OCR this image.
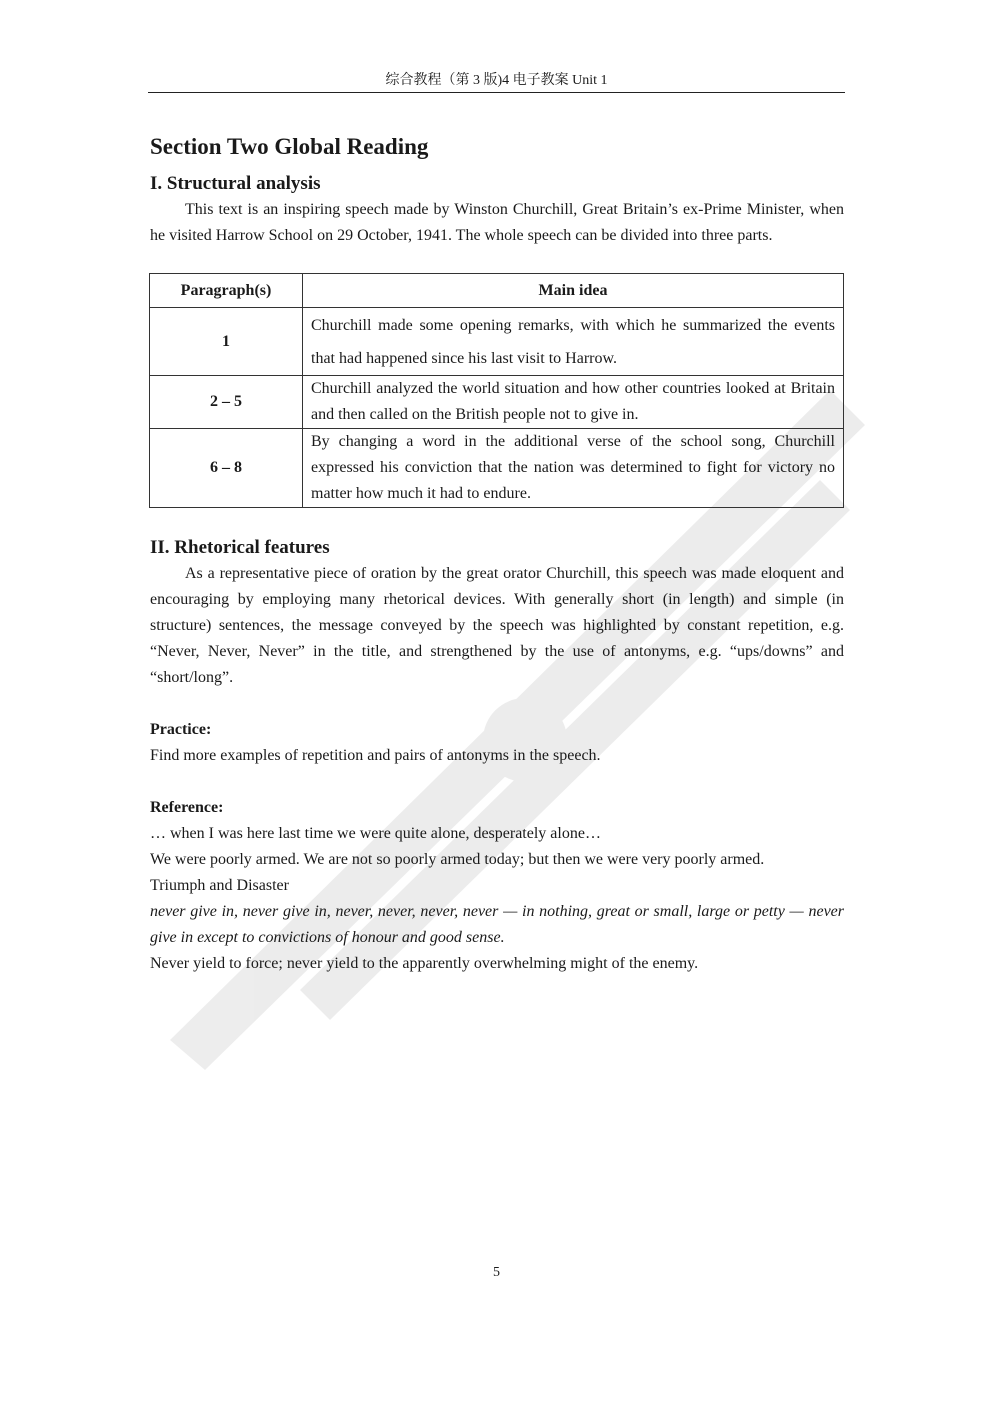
综合教程（第 3 版)4 电子教案 Unit 1
Section Two Global Reading
I. Structural analysis

This text is an inspiring speech made by Winston Churchill, Great Britain’s ex-Prime Minister, when he visited Harrow School on 29 October, 1941. The whole speech can be divided into three parts.

Paragraph(s)	Main idea
1	Churchill made some opening remarks, with which he summarized the events that had happened since his last visit to Harrow.
2 – 5	Churchill analyzed the world situation and how other countries looked at Britain and then called on the British people not to give in.
6 – 8	By changing a word in the additional verse of the school song, Churchill expressed his conviction that the nation was determined to fight for victory no matter how much it had to endure.
II. Rhetorical features

As a representative piece of oration by the great orator Churchill, this speech was made eloquent and encouraging by employing many rhetorical devices. With generally short (in length) and simple (in structure) sentences, the message conveyed by the speech was highlighted by constant repetition, e.g. “Never, Never, Never” in the title, and strengthened by the use of antonyms, e.g. “ups/downs” and “short/long”.

Practice:

Find more examples of repetition and pairs of antonyms in the speech.

Reference:

… when I was here last time we were quite alone, desperately alone…

We were poorly armed. We are not so poorly armed today; but then we were very poorly armed.

Triumph and Disaster

never give in, never give in, never, never, never, never — in nothing, great or small, large or petty — never give in except to convictions of honour and good sense.

Never yield to force; never yield to the apparently overwhelming might of the enemy.

5
